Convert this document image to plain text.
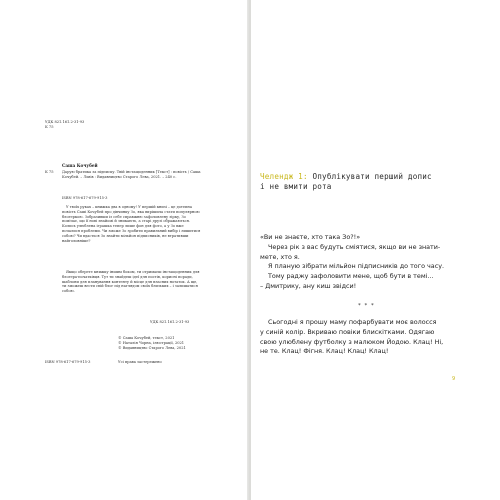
УДК 821.161.2-31-93
К 75
Саша Кочубей
К 75 Дарую братика за підписку. Твій інстащоденник [Текст] : повість / Саша Кочубей. – Львів : Видавництво Старого Лева, 2021. – 240 с.
ISBN 978-617-679-915-3
У твоїх руках – книжка два в одному! У першій книзі – це дотепна повість Саші Кочубей про дівчинку Зо, яка вирішила стати популярною блогеркою. Зобразивши із себе справжню зафоловлену зірку, Зо помічає, що її нові знайомі й зникають, а старі друзі ображаються. Колись улюблена іграшка тепер лише фон для фото, а у Зо вже почалися проблеми. Чи зможе Зо зробити правильний вибір і лишитися собою? Чи вдасться Зо знайти мільйон підписників, не втративши найголовніше?
Якщо оберете книжку іншим боком, ти отримаєш інстащоденник для блогера-початківця. Тут ти знайдеш ідеї для постів, корисні поради, шаблони для планування контенту й місце для власних нотаток. А ще, ти зможеш вести свій блог під наглядом своїх близьких – і залишатися собою.
УДК 821.161.2-31-93
© Саша Кочубей, текст, 2021
© Наталія Чорна, ілюстрації, 2021
© Видавництво Старого Лева, 2021
ISBN 978-617-679-915-3	Усі права застережено
Челендж 1: Опублікувати перший допис
і не вмити рота

«Ви не знаєте, хто така Зо?!»

Через рік з вас будуть сміятися, якщо ви не знати-

мете, хто я.

Я планую зібрати мільйон підписників до того часу.

Тому раджу зафоловити мене, щоб бути в темі...

– Дмитрику, ану киш звідси!

* * *

Сьогодні я прошу маму пофарбувати моє волосся

у синій колір. Вкриваю повіки блискітками. Одягаю

свою улюблену футболку з малюком Йодою. Клац! Ні,

не те. Клац! Фігня. Клац! Клац! Клац!

9
